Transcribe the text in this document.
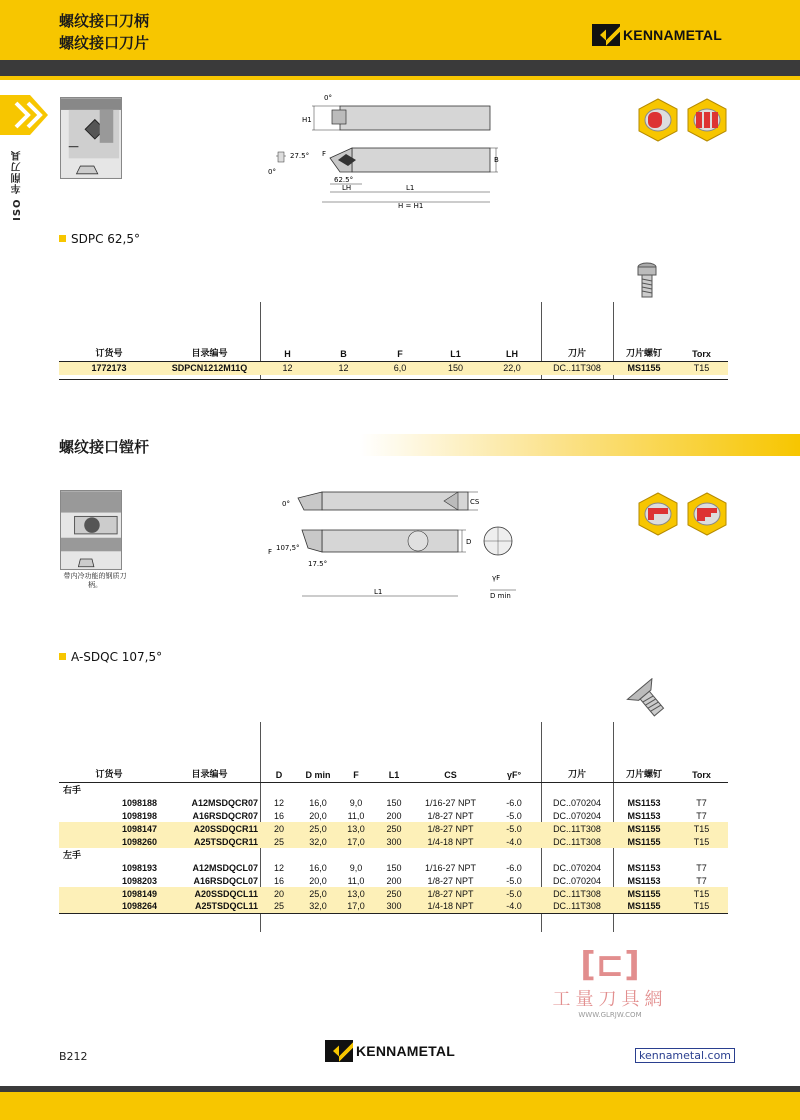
螺纹接口刀柄
螺纹接口刀片	KENNAMETAL
ISO 车削刀具
0°
H1
27.5° F
0°
62.5°
LH	L1
H = H1
B
SDPC 62,5°
订货号	目录编号	H	B	F	L1	LH	刀片	刀片螺钉	Torx
1772173	SDPCN1212M11Q	12	12	6,0	150	22,0	DC..11T308	MS1155	T15
螺纹接口镗杆
带内冷功能的钢质刀柄。
0°	CS
F 107,5°
17.5°
D
L1
γF
D min
A-SDQC 107,5°
订货号	目录编号	D	D min	F	L1	CS	γF°	刀片	刀片螺钉	Torx
右手										
1098188	A12MSDQCR07	12	16,0	9,0	150	1/16-27 NPT	-6.0	DC..070204	MS1153	T7
1098198	A16RSDQCR07	16	20,0	11,0	200	1/8-27 NPT	-5.0	DC..070204	MS1153	T7
1098147	A20SSDQCR11	20	25,0	13,0	250	1/8-27 NPT	-5.0	DC..11T308	MS1155	T15
1098260	A25TSDQCR11	25	32,0	17,0	300	1/4-18 NPT	-4.0	DC..11T308	MS1155	T15
左手										
1098193	A12MSDQCL07	12	16,0	9,0	150	1/16-27 NPT	-6.0	DC..070204	MS1153	T7
1098203	A16RSDQCL07	16	20,0	11,0	200	1/8-27 NPT	-5.0	DC..070204	MS1153	T7
1098149	A20SSDQCL11	20	25,0	13,0	250	1/8-27 NPT	-5.0	DC..11T308	MS1155	T15
1098264	A25TSDQCL11	25	32,0	17,0	300	1/4-18 NPT	-4.0	DC..11T308	MS1155	T15
[⊏]
工量刀具網
WWW.GLRJW.COM
B212	KENNAMETAL	kennametal.com
